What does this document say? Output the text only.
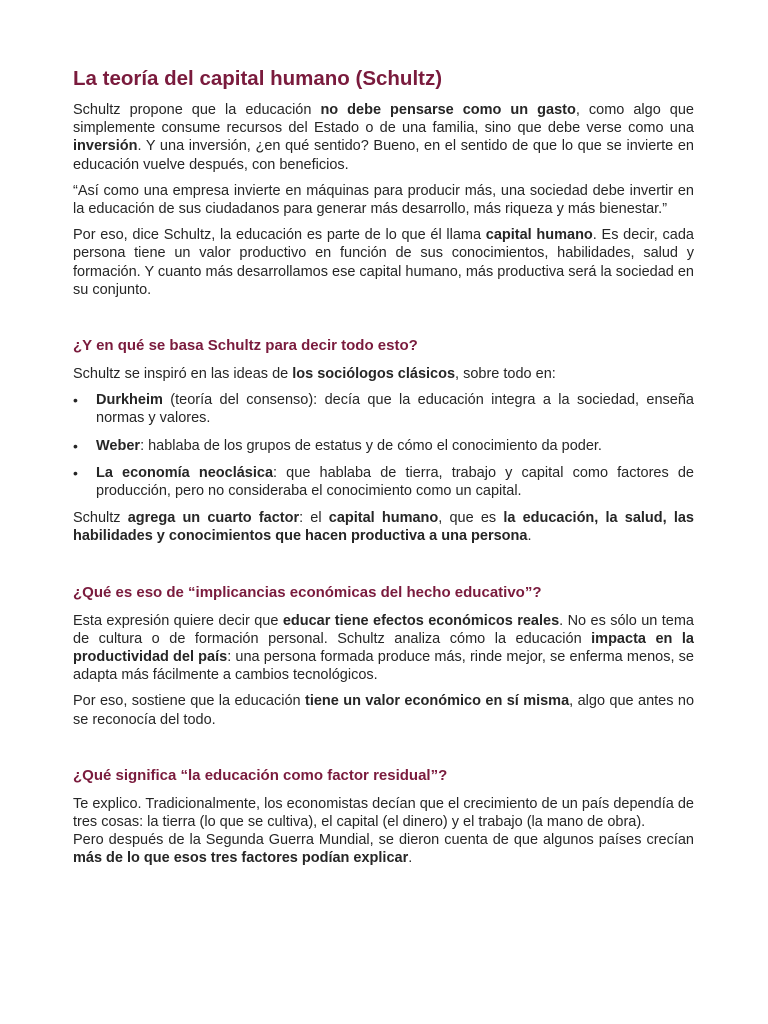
La teoría del capital humano (Schultz)

Schultz propone que la educación no debe pensarse como un gasto, como algo que simplemente consume recursos del Estado o de una familia, sino que debe verse como una inversión. Y una inversión, ¿en qué sentido? Bueno, en el sentido de que lo que se invierte en educación vuelve después, con beneficios.

“Así como una empresa invierte en máquinas para producir más, una sociedad debe invertir en la educación de sus ciudadanos para generar más desarrollo, más riqueza y más bienestar.”

Por eso, dice Schultz, la educación es parte de lo que él llama capital humano. Es decir, cada persona tiene un valor productivo en función de sus conocimientos, habilidades, salud y formación. Y cuanto más desarrollamos ese capital humano, más productiva será la sociedad en su conjunto.

¿Y en qué se basa Schultz para decir todo esto?

Schultz se inspiró en las ideas de los sociólogos clásicos, sobre todo en:

• Durkheim (teoría del consenso): decía que la educación integra a la sociedad, enseña normas y valores.
• Weber: hablaba de los grupos de estatus y de cómo el conocimiento da poder.
• La economía neoclásica: que hablaba de tierra, trabajo y capital como factores de producción, pero no consideraba el conocimiento como un capital.

Schultz agrega un cuarto factor: el capital humano, que es la educación, la salud, las habilidades y conocimientos que hacen productiva a una persona.

¿Qué es eso de “implicancias económicas del hecho educativo”?

Esta expresión quiere decir que educar tiene efectos económicos reales. No es sólo un tema de cultura o de formación personal. Schultz analiza cómo la educación impacta en la productividad del país: una persona formada produce más, rinde mejor, se enferma menos, se adapta más fácilmente a cambios tecnológicos.

Por eso, sostiene que la educación tiene un valor económico en sí misma, algo que antes no se reconocía del todo.

¿Qué significa “la educación como factor residual”?

Te explico. Tradicionalmente, los economistas decían que el crecimiento de un país dependía de tres cosas: la tierra (lo que se cultiva), el capital (el dinero) y el trabajo (la mano de obra).

Pero después de la Segunda Guerra Mundial, se dieron cuenta de que algunos países crecían más de lo que esos tres factores podían explicar.
